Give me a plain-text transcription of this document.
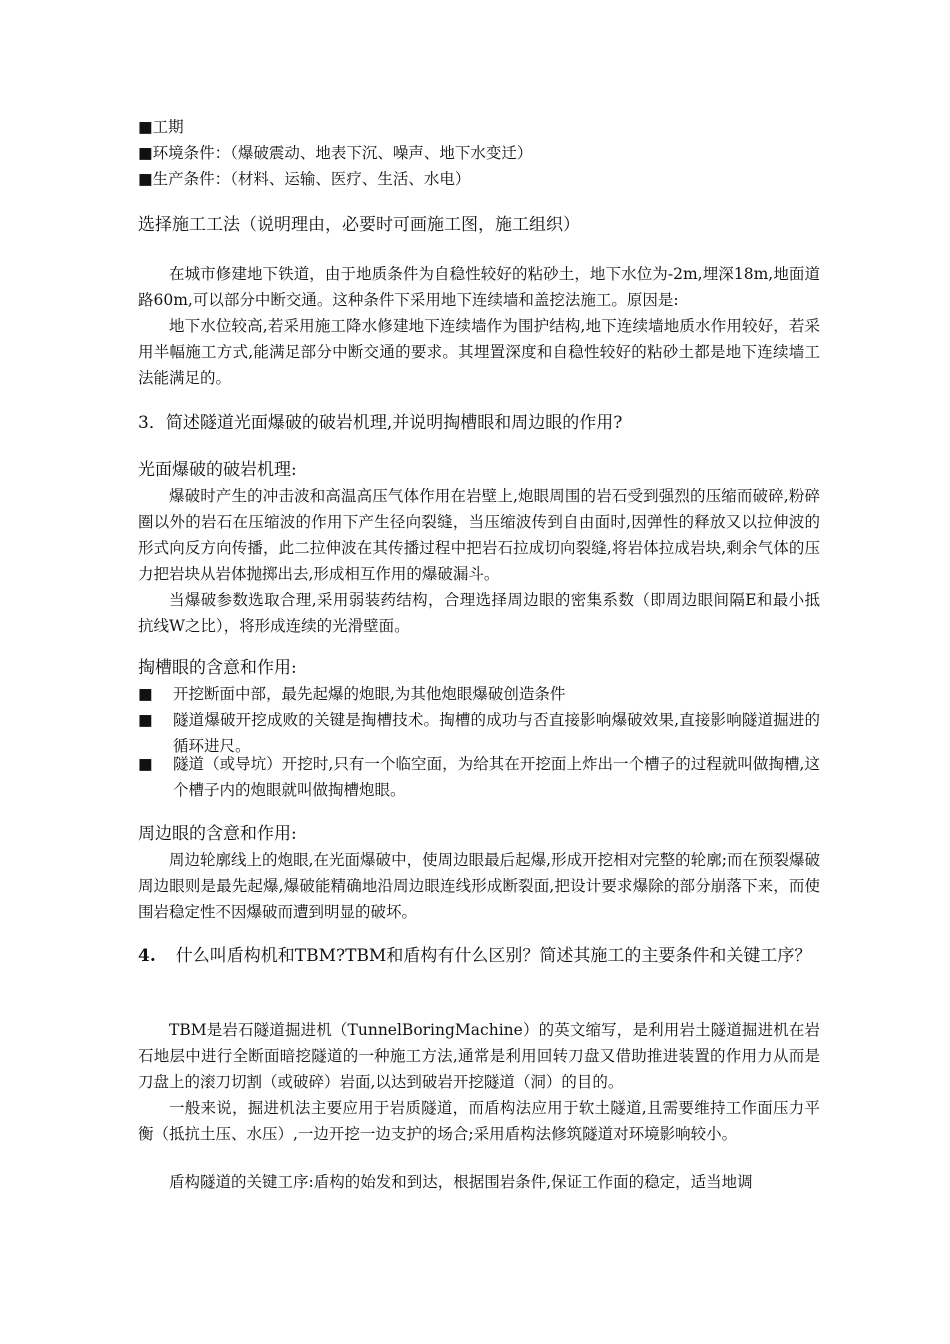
■工期
■环境条件：（爆破震动、地表下沉、噪声、地下水变迁）
■生产条件：（材料、运输、医疗、生活、水电）
选择施工工法（说明理由，必要时可画施工图，施工组织）
在城市修建地下铁道，由于地质条件为自稳性较好的粘砂土，地下水位为-2m,埋深18m,地面道路60m,可以部分中断交通。这种条件下采用地下连续墙和盖挖法施工。原因是:
地下水位较高,若采用施工降水修建地下连续墙作为围护结构,地下连续墙地质水作用较好，若采用半幅施工方式,能满足部分中断交通的要求。其埋置深度和自稳性较好的粘砂土都是地下连续墙工法能满足的。
3．简述隧道光面爆破的破岩机理,并说明掏槽眼和周边眼的作用?
光面爆破的破岩机理:
爆破时产生的冲击波和高温高压气体作用在岩壁上,炮眼周围的岩石受到强烈的压缩而破碎,粉碎圈以外的岩石在压缩波的作用下产生径向裂缝，当压缩波传到自由面时,因弹性的释放又以拉伸波的形式向反方向传播，此二拉伸波在其传播过程中把岩石拉成切向裂缝,将岩体拉成岩块,剩余气体的压力把岩块从岩体抛掷出去,形成相互作用的爆破漏斗。
当爆破参数选取合理,采用弱装药结构，合理选择周边眼的密集系数（即周边眼间隔E和最小抵抗线W之比），将形成连续的光滑壁面。
掏槽眼的含意和作用:
■ 开挖断面中部，最先起爆的炮眼,为其他炮眼爆破创造条件
■ 隧道爆破开挖成败的关键是掏槽技术。掏槽的成功与否直接影响爆破效果,直接影响隧道掘进的循环进尺。
■ 隧道（或导坑）开挖时,只有一个临空面，为给其在开挖面上炸出一个槽子的过程就叫做掏槽,这个槽子内的炮眼就叫做掏槽炮眼。
周边眼的含意和作用:
周边轮廓线上的炮眼,在光面爆破中，使周边眼最后起爆,形成开挖相对完整的轮廓;而在预裂爆破周边眼则是最先起爆,爆破能精确地沿周边眼连线形成断裂面,把设计要求爆除的部分崩落下来，而使围岩稳定性不因爆破而遭到明显的破坏。
4. 什么叫盾构机和TBM?TBM和盾构有什么区别？简述其施工的主要条件和关键工序？
TBM是岩石隧道掘进机（TunnelBoringMachine）的英文缩写，是利用岩土隧道掘进机在岩石地层中进行全断面暗挖隧道的一种施工方法,通常是利用回转刀盘又借助推进装置的作用力从而是刀盘上的滚刀切割（或破碎）岩面,以达到破岩开挖隧道（洞）的目的。
一般来说，掘进机法主要应用于岩质隧道，而盾构法应用于软土隧道,且需要维持工作面压力平衡（抵抗土压、水压）,一边开挖一边支护的场合;采用盾构法修筑隧道对环境影响较小。
盾构隧道的关键工序:盾构的始发和到达，根据围岩条件,保证工作面的稳定，适当地调
